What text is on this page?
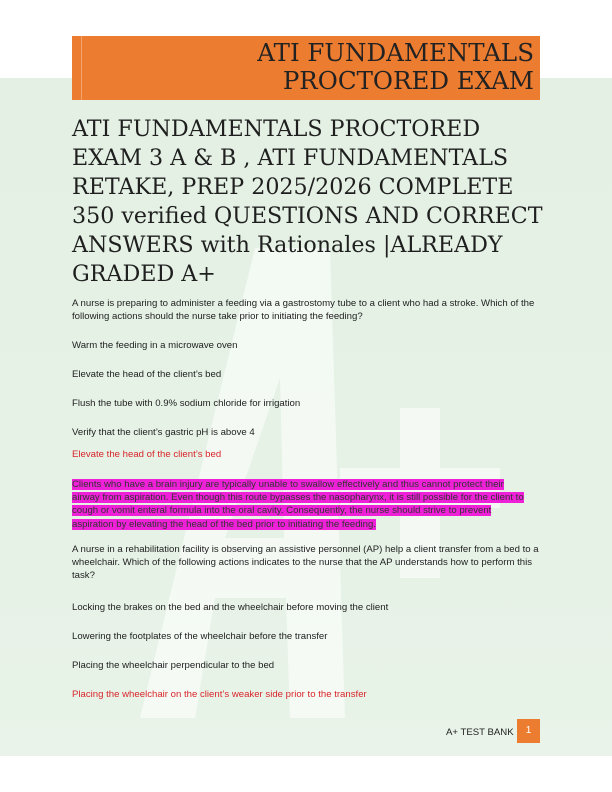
ATI FUNDAMENTALS PROCTORED EXAM
ATI FUNDAMENTALS PROCTORED EXAM 3 A & B , ATI FUNDAMENTALS RETAKE, PREP 2025/2026 COMPLETE 350 verified QUESTIONS AND CORRECT ANSWERS with Rationales |ALREADY GRADED A+
A nurse is preparing to administer a feeding via a gastrostomy tube to a client who had a stroke. Which of the following actions should the nurse take prior to initiating the feeding?
Warm the feeding in a microwave oven
Elevate the head of the client’s bed
Flush the tube with 0.9% sodium chloride for irrigation
Verify that the client’s gastric pH is above 4
Elevate the head of the client’s bed
Clients who have a brain injury are typically unable to swallow effectively and thus cannot protect their airway from aspiration. Even though this route bypasses the nasopharynx, it is still possible for the client to cough or vomit enteral formula into the oral cavity. Consequently, the nurse should strive to prevent aspiration by elevating the head of the bed prior to initiating the feeding.
A nurse in a rehabilitation facility is observing an assistive personnel (AP) help a client transfer from a bed to a wheelchair. Which of the following actions indicates to the nurse that the AP understands how to perform this task?
Locking the brakes on the bed and the wheelchair before moving the client
Lowering the footplates of the wheelchair before the transfer
Placing the wheelchair perpendicular to the bed
Placing the wheelchair on the client’s weaker side prior to the transfer
A+ TEST BANK	1
